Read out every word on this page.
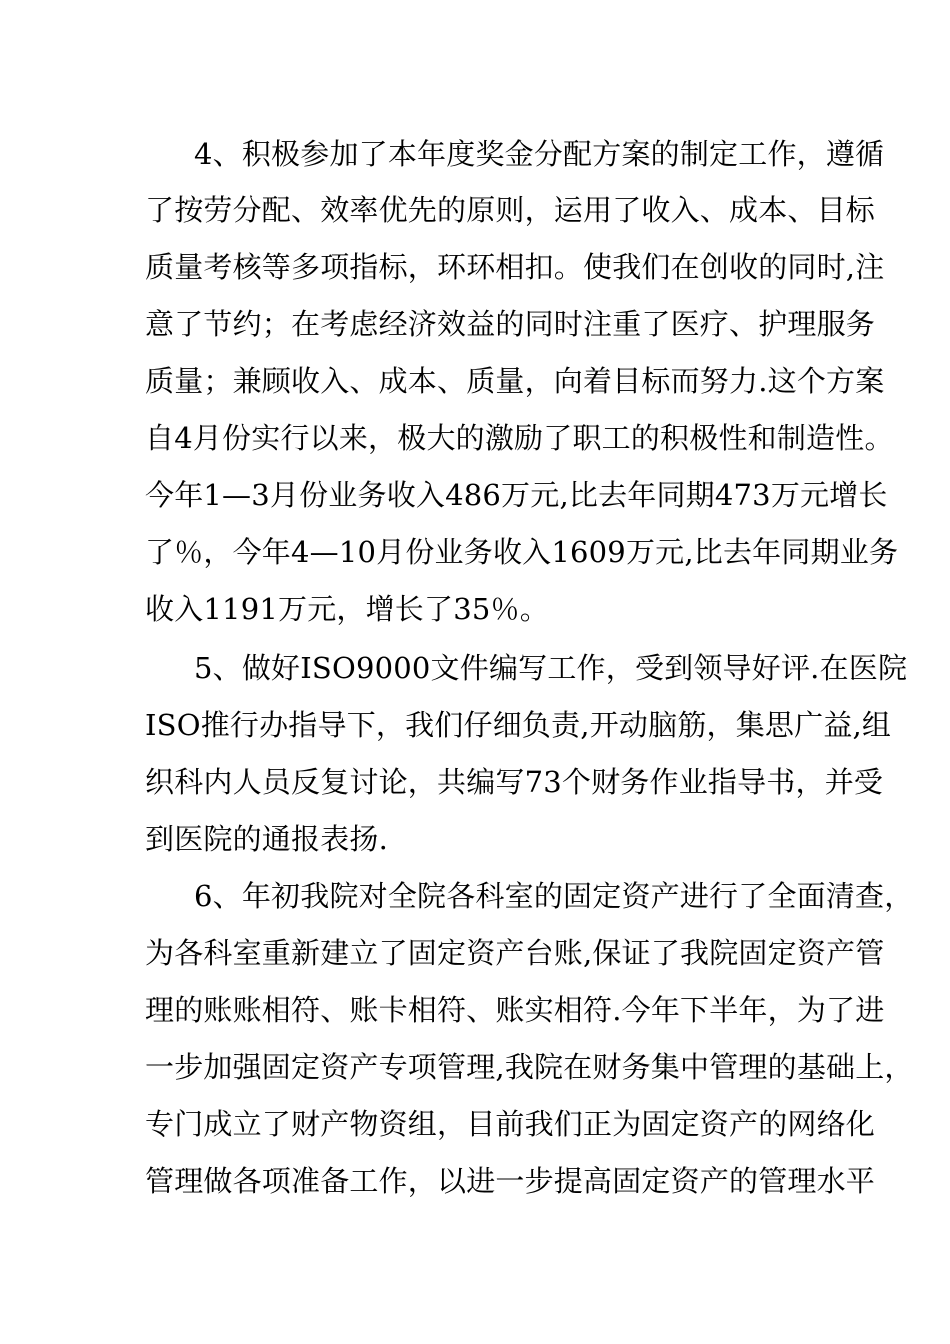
4、积极参加了本年度奖金分配方案的制定工作，遵循
了按劳分配、效率优先的原则，运用了收入、成本、目标
质量考核等多项指标，环环相扣。使我们在创收的同时,注
意了节约；在考虑经济效益的同时注重了医疗、护理服务
质量；兼顾收入、成本、质量，向着目标而努力.这个方案
自4月份实行以来，极大的激励了职工的积极性和制造性。
今年1—3月份业务收入486万元,比去年同期473万元增长
了％，今年4—10月份业务收入1609万元,比去年同期业务
收入1191万元，增长了35％。
5、做好ISO9000文件编写工作，受到领导好评.在医院
ISO推行办指导下，我们仔细负责,开动脑筋，集思广益,组
织科内人员反复讨论，共编写73个财务作业指导书，并受
到医院的通报表扬.
6、年初我院对全院各科室的固定资产进行了全面清查，
为各科室重新建立了固定资产台账,保证了我院固定资产管
理的账账相符、账卡相符、账实相符.今年下半年，为了进
一步加强固定资产专项管理,我院在财务集中管理的基础上，
专门成立了财产物资组，目前我们正为固定资产的网络化
管理做各项准备工作，以进一步提高固定资产的管理水平
